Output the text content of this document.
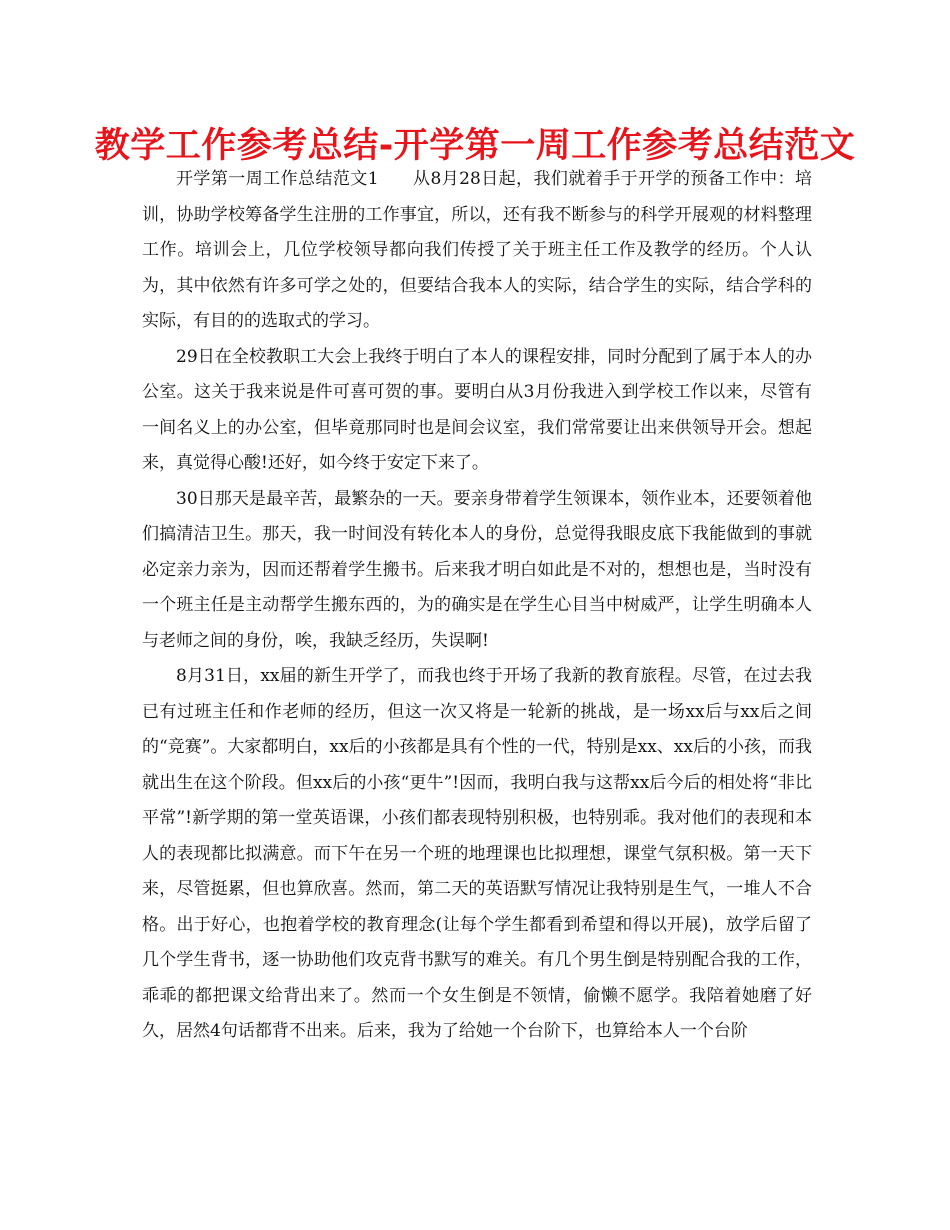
教学工作参考总结-开学第一周工作参考总结范文

开学第一周工作总结范文1 从8月28日起，我们就着手于开学的预备工作中：培训，协助学校筹备学生注册的工作事宜，所以，还有我不断参与的科学开展观的材料整理工作。培训会上，几位学校领导都向我们传授了关于班主任工作及教学的经历。个人认为，其中依然有许多可学之处的，但要结合我本人的实际，结合学生的实际，结合学科的实际，有目的的选取式的学习。

29日在全校教职工大会上我终于明白了本人的课程安排，同时分配到了属于本人的办公室。这关于我来说是件可喜可贺的事。要明白从3月份我进入到学校工作以来，尽管有一间名义上的办公室，但毕竟那同时也是间会议室，我们常常要让出来供领导开会。想起来，真觉得心酸!还好，如今终于安定下来了。

30日那天是最辛苦，最繁杂的一天。要亲身带着学生领课本，领作业本，还要领着他们搞清洁卫生。那天，我一时间没有转化本人的身份，总觉得我眼皮底下我能做到的事就必定亲力亲为，因而还帮着学生搬书。后来我才明白如此是不对的，想想也是，当时没有一个班主任是主动帮学生搬东西的，为的确实是在学生心目当中树威严，让学生明确本人与老师之间的身份，唉，我缺乏经历，失误啊!

8月31日，xx届的新生开学了，而我也终于开场了我新的教育旅程。尽管，在过去我已有过班主任和作老师的经历，但这一次又将是一轮新的挑战，是一场xx后与xx后之间的“竞赛”。大家都明白，xx后的小孩都是具有个性的一代，特别是xx、xx后的小孩，而我就出生在这个阶段。但xx后的小孩“更牛”!因而，我明白我与这帮xx后今后的相处将“非比平常”!新学期的第一堂英语课，小孩们都表现特别积极，也特别乖。我对他们的表现和本人的表现都比拟满意。而下午在另一个班的地理课也比拟理想，课堂气氛积极。第一天下来，尽管挺累，但也算欣喜。然而，第二天的英语默写情况让我特别是生气，一堆人不合格。出于好心，也抱着学校的教育理念(让每个学生都看到希望和得以开展)，放学后留了几个学生背书，逐一协助他们攻克背书默写的难关。有几个男生倒是特别配合我的工作，乖乖的都把课文给背出来了。然而一个女生倒是不领情，偷懒不愿学。我陪着她磨了好久，居然4句话都背不出来。后来，我为了给她一个台阶下，也算给本人一个台阶
